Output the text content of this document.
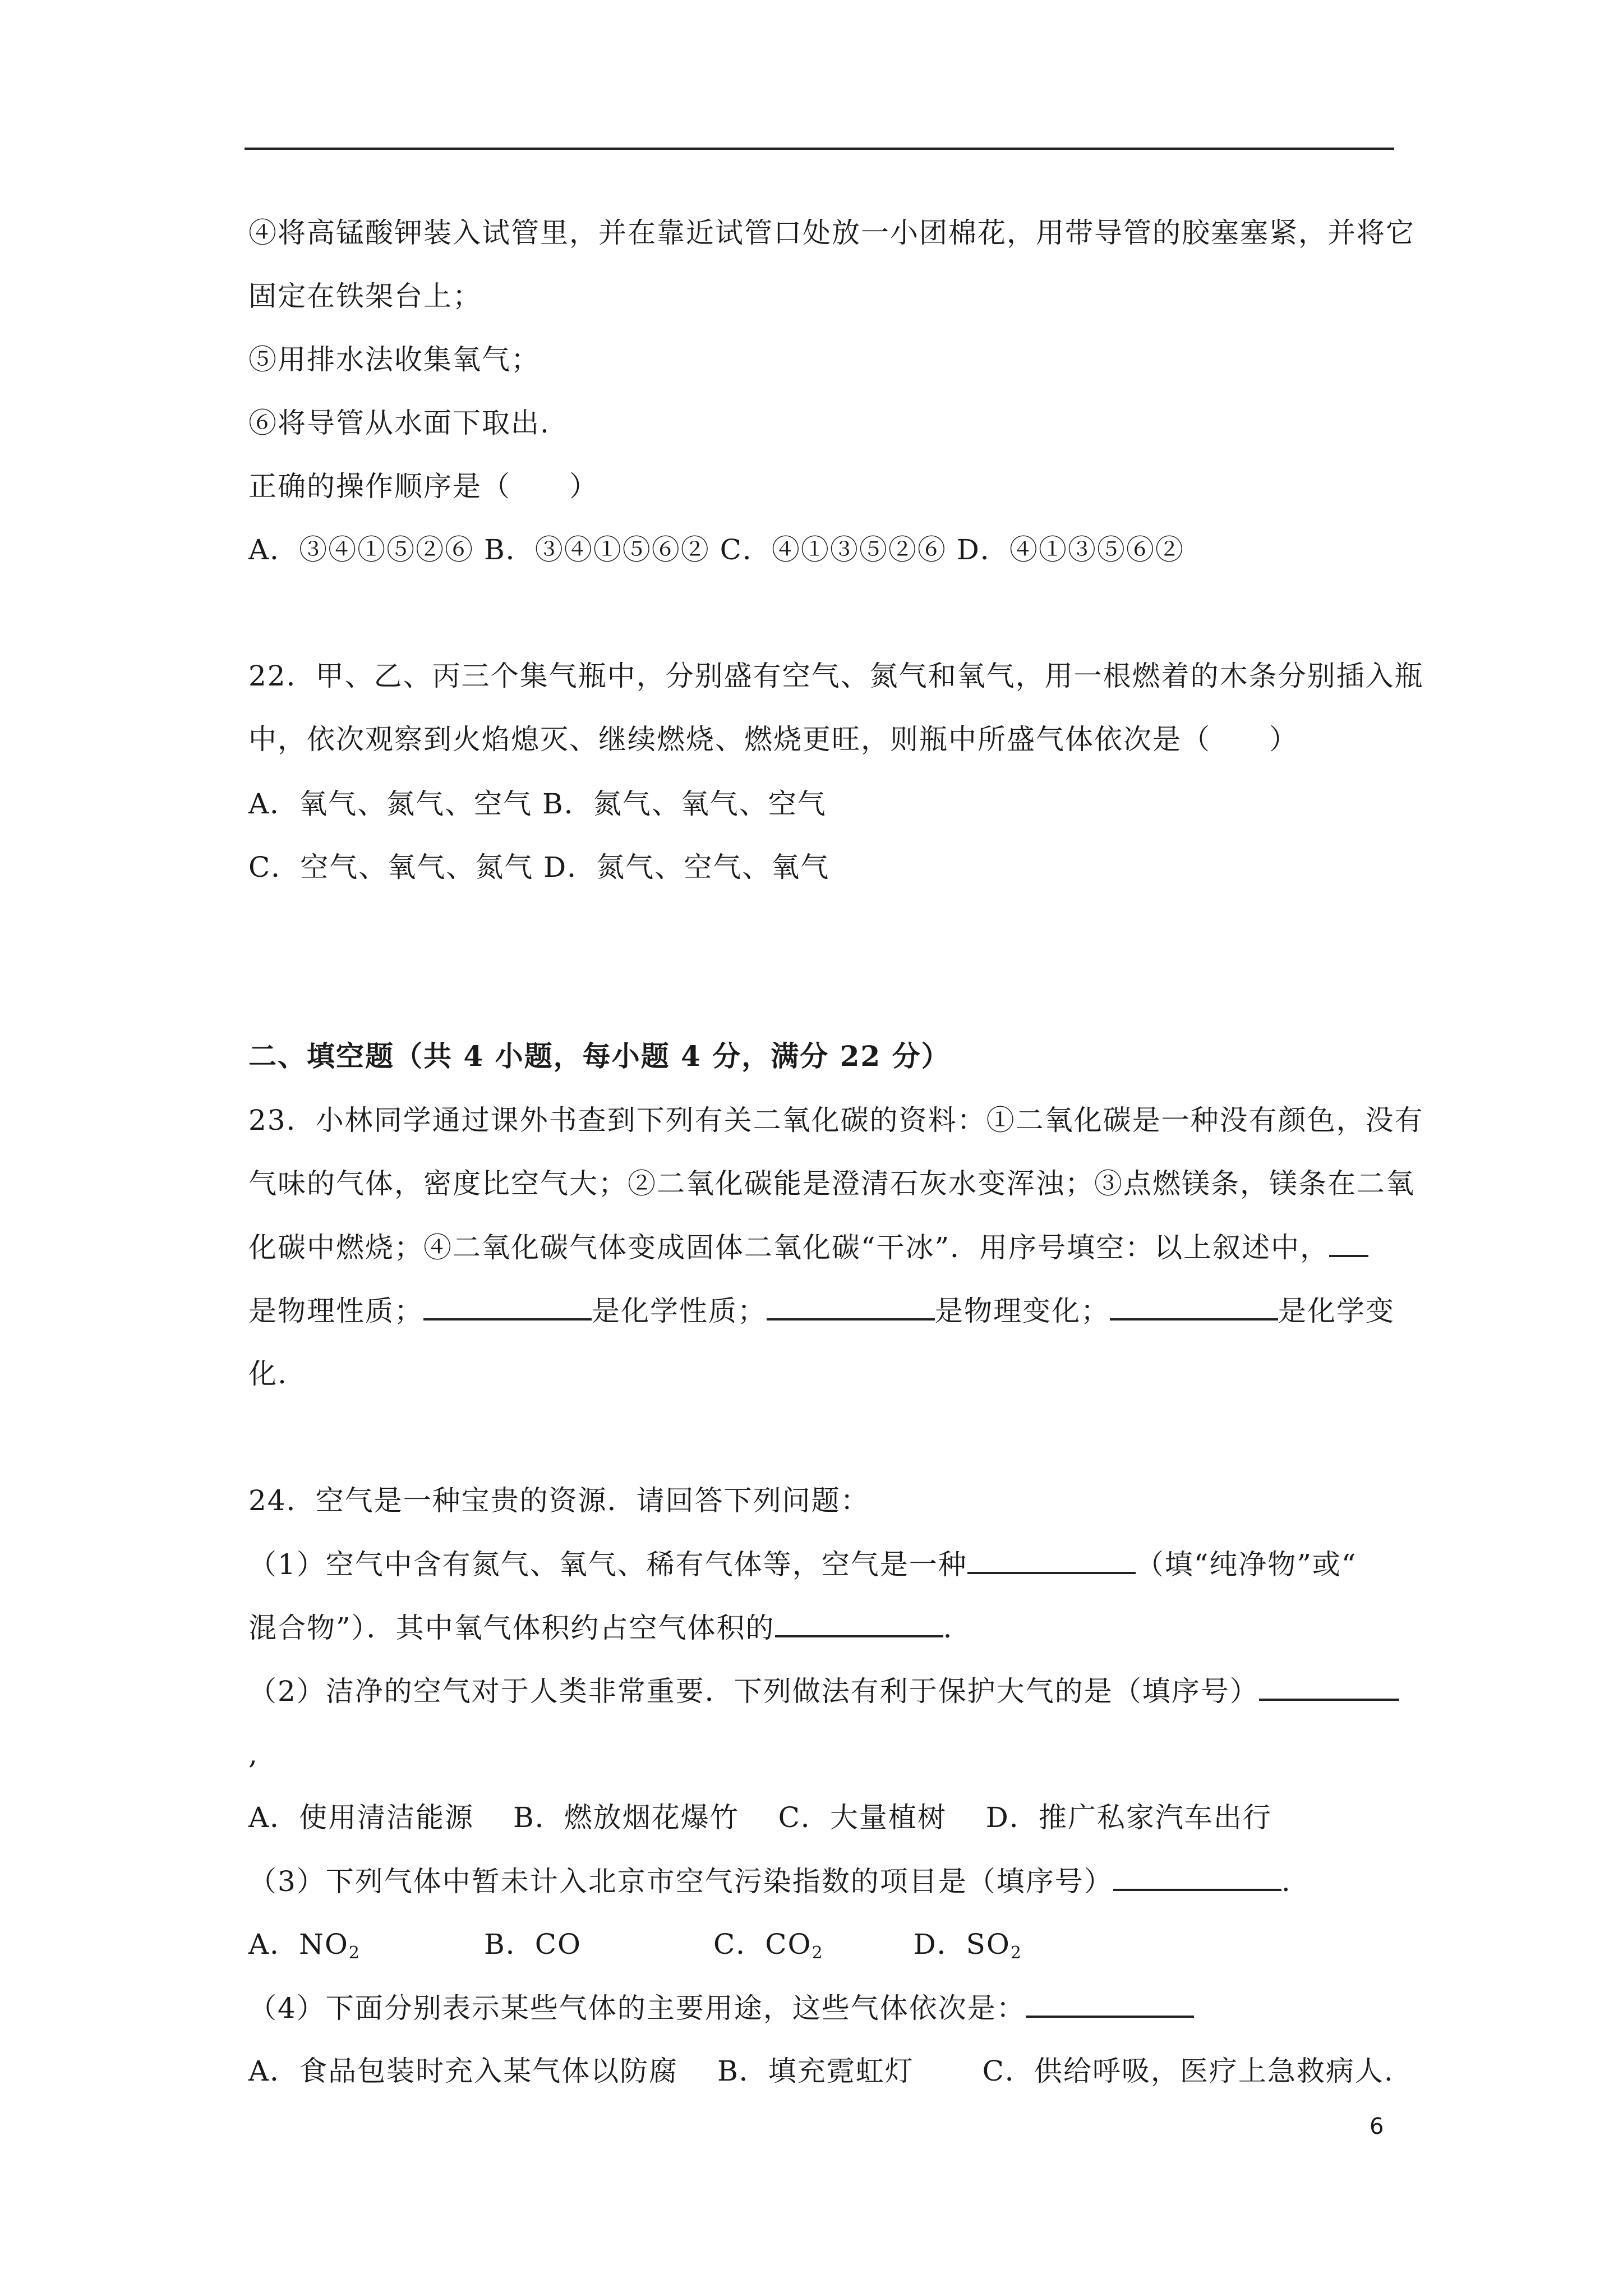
④将高锰酸钾装入试管里，并在靠近试管口处放一小团棉花，用带导管的胶塞塞紧，并将它
固定在铁架台上；
⑤用排水法收集氧气；
⑥将导管从水面下取出.
正确的操作顺序是（　　）
A．③④①⑤②⑥ B．③④①⑤⑥② C．④①③⑤②⑥ D．④①③⑤⑥②
22．甲、乙、丙三个集气瓶中，分别盛有空气、氮气和氧气，用一根燃着的木条分别插入瓶
中，依次观察到火焰熄灭、继续燃烧、燃烧更旺，则瓶中所盛气体依次是（　　）
A．氧气、氮气、空气 B．氮气、氧气、空气
C．空气、氧气、氮气 D．氮气、空气、氧气
二、填空题（共 4 小题，每小题 4 分，满分 22 分）
23．小林同学通过课外书查到下列有关二氧化碳的资料：①二氧化碳是一种没有颜色，没有
气味的气体，密度比空气大；②二氧化碳能是澄清石灰水变浑浊；③点燃镁条，镁条在二氧
化碳中燃烧；④二氧化碳气体变成固体二氧化碳“干冰”．用序号填空：以上叙述中，
是物理性质；	是化学性质；	是物理变化；	是化学变
化.
24．空气是一种宝贵的资源．请回答下列问题：
（1）空气中含有氮气、氧气、稀有气体等，空气是一种	（填“纯净物”或“
混合物”）．其中氧气体积约占空气体积的	.
（2）洁净的空气对于人类非常重要．下列做法有利于保护大气的是（填序号）
,
A．使用清洁能源　 B．燃放烟花爆竹　 C．大量植树　 D．推广私家汽车出行
（3）下列气体中暂未计入北京市空气污染指数的项目是（填序号）	.
A．$NO_2$	B．CO	C．$CO_2$	D．$SO_2$
（4）下面分别表示某些气体的主要用途，这些气体依次是：
A．食品包装时充入某气体以防腐　 B．填充霓虹灯　　 C．供给呼吸，医疗上急救病人.
6
